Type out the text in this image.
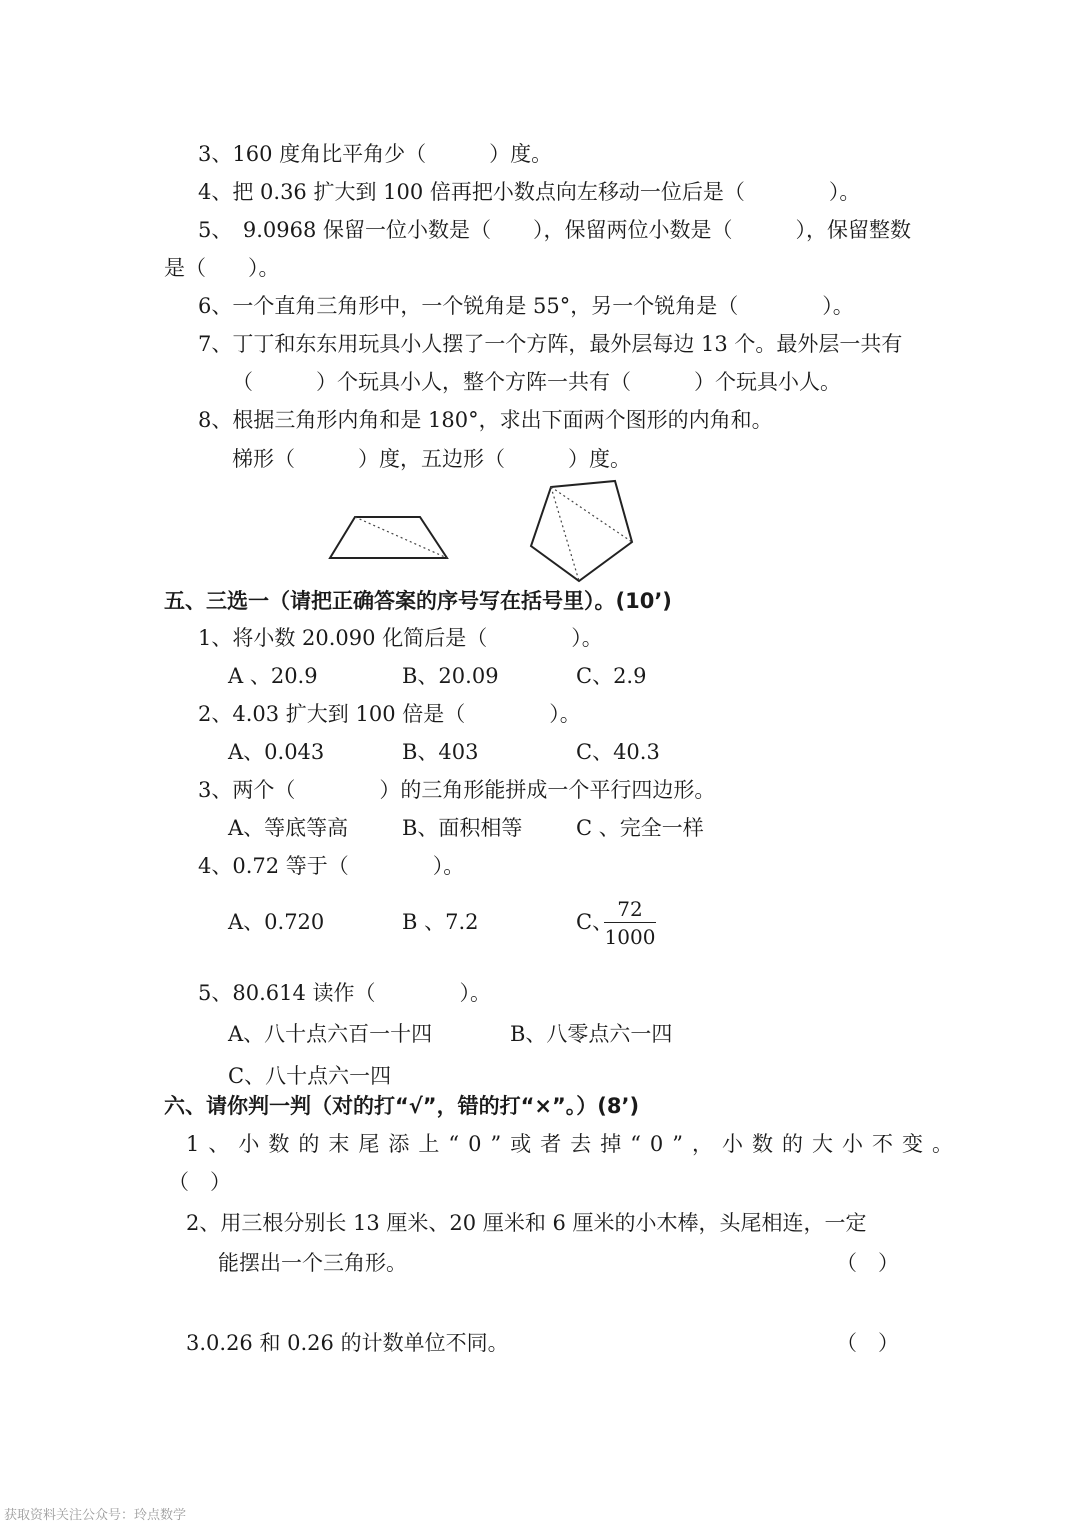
3、160 度角比平角少（　　　）度。
4、把 0.36 扩大到 100 倍再把小数点向左移动一位后是（　　　　）。
5、　9.0968 保留一位小数是（　　），保留两位小数是（　　　），保留整数
是（　　）。
6、一个直角三角形中，一个锐角是 55°，另一个锐角是（　　　　）。
7、丁丁和东东用玩具小人摆了一个方阵，最外层每边 13 个。最外层一共有
（　　　）个玩具小人，整个方阵一共有（　　　）个玩具小人。
8、根据三角形内角和是 180°，求出下面两个图形的内角和。
梯形（　　　）度，五边形（　　　）度。
五、三选一（请把正确答案的序号写在括号里）。(10’)
1、将小数 20.090 化简后是（　　　　）。
A 、20.9	B、20.09	C、2.9
2、4.03 扩大到 100 倍是（　　　　）。
A、0.043	B、403	C、40.3
3、两个（　　　　）的三角形能拼成一个平行四边形。
A、等底等高	B、面积相等	C 、完全一样
4、0.72 等于（　　　　）。
A、0.720	B 、7.2	C、
$\frac{72}{1000}$
5、80.614 读作（　　　　）。
A、八十点六百一十四	B、八零点六一四
C、八十点六一四
六、请你判一判（对的打“√”，错的打“×”。）(8’)
1、小数的末尾添上“0”或者去掉“0”，小数的大小不变。
（　）
2、用三根分别长 13 厘米、20 厘米和 6 厘米的小木棒，头尾相连，一定
能摆出一个三角形。	（　）
3.0.26 和 0.26 的计数单位不同。	（　）
获取资料关注公众号：玲点数学
